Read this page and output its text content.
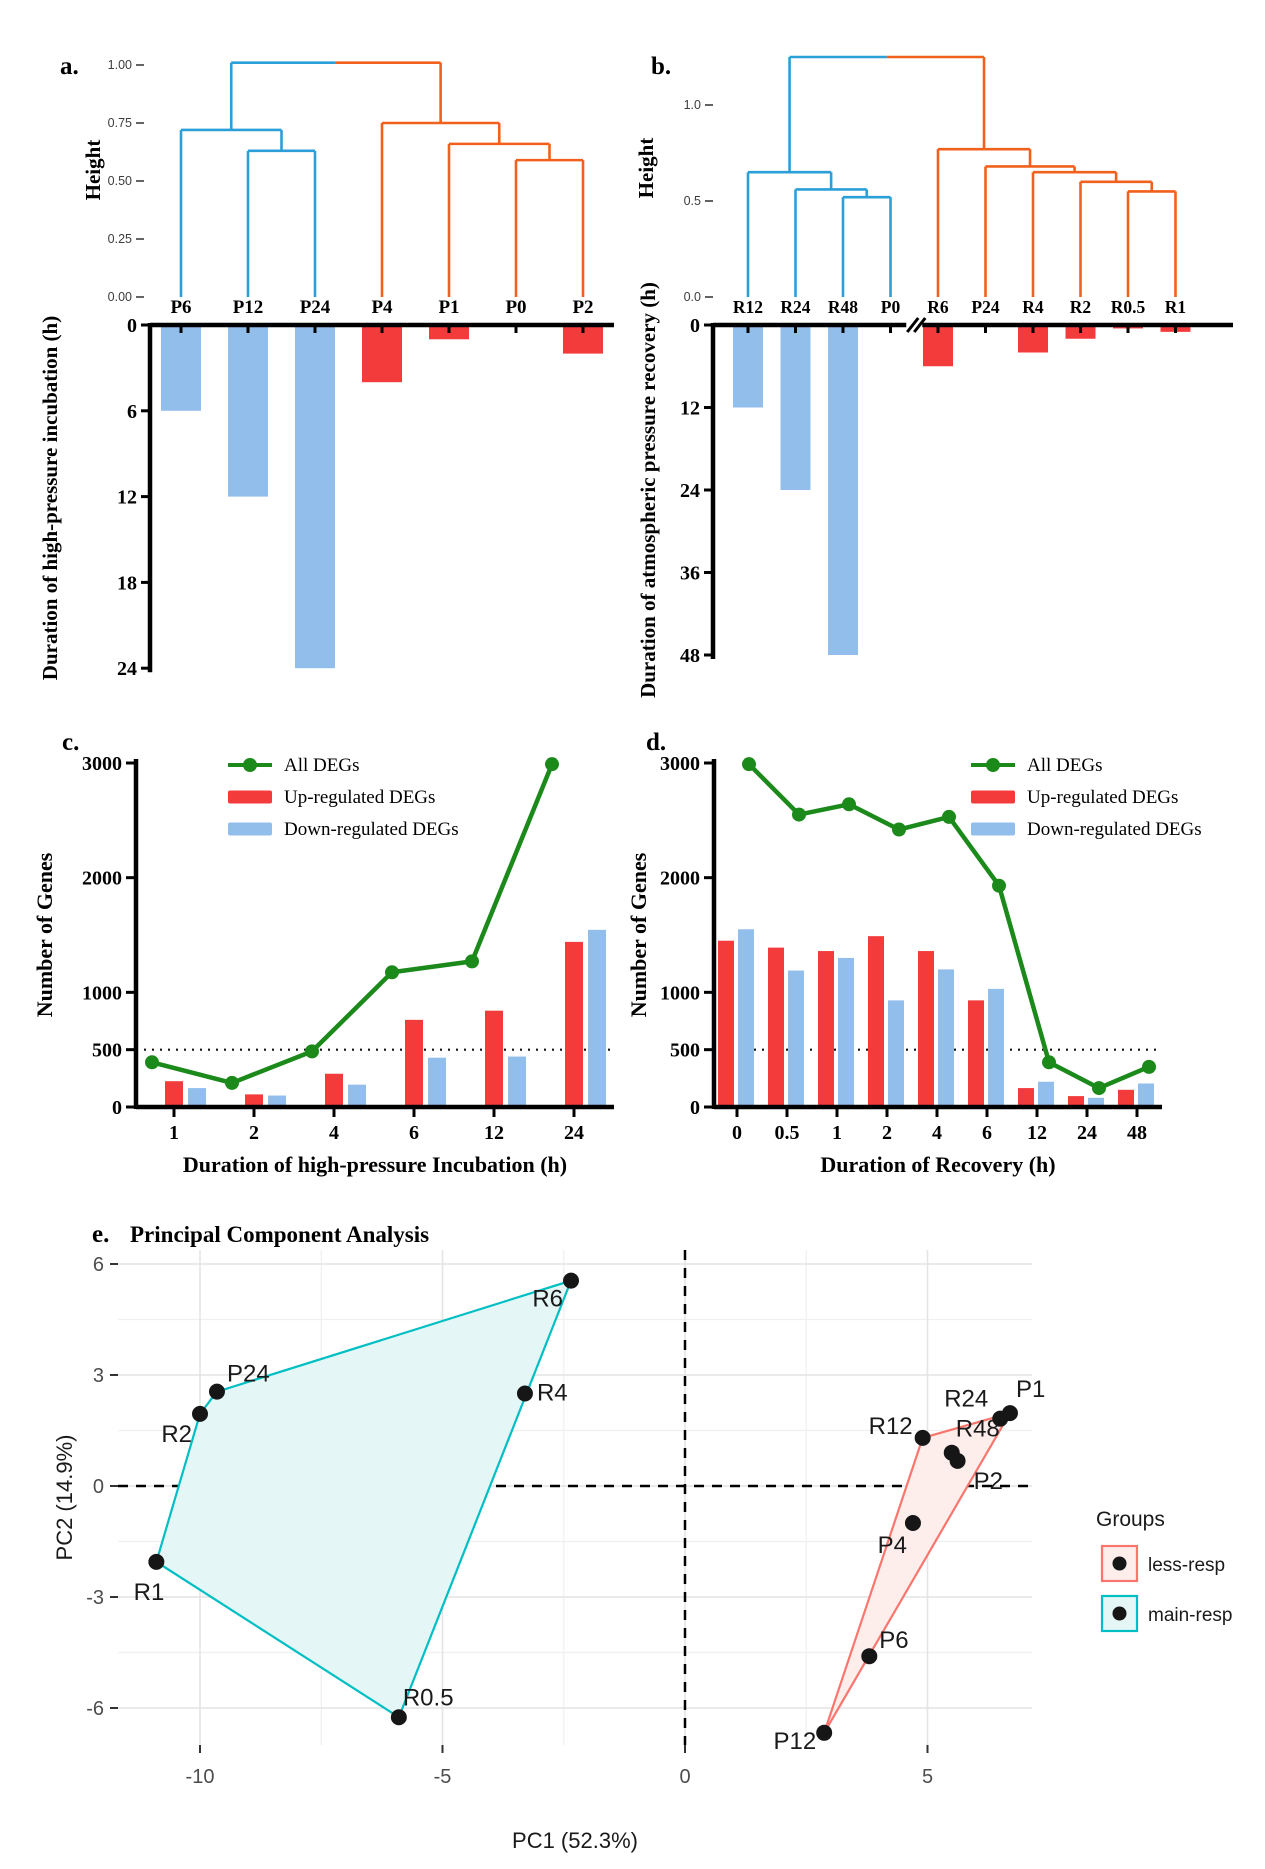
a. 1.00
0.75
0.50
0.25
0.00
Height
P6 P12 P24 P4 P1 P0 P2
0
6
12
18
24
Duration of high-pressure incubation (h)
b.
1.0
0.5
0.0
Height
R12 R24 R48 P0 R6 P24 R4 R2 R0.5 R1
0
12
24
36
48
Duration of atmospheric pressure recovery (h)
c.
0
500
1000
2000
3000
1	2	4	6	12	24
Duration of high-pressure Incubation (h)
Number of Genes
All DEGs
Up-regulated DEGs
Down-regulated DEGs
d.
0
500
1000
2000
3000
0 0.5 1 2 4 6 12 24 48
Duration of Recovery (h)
Number of Genes
All DEGs
Up-regulated DEGs
Down-regulated DEGs
e. Principal Component Analysis
R6
R4
P24
R2
R1
R0.5
P1
R24
R12 R48
P2
P4
P6
P12
-10	-5	0	5
-6
-3
0
3
6
PC1 (52.3%)
PC2 (14.9%)	Groups
less-resp
main-resp
